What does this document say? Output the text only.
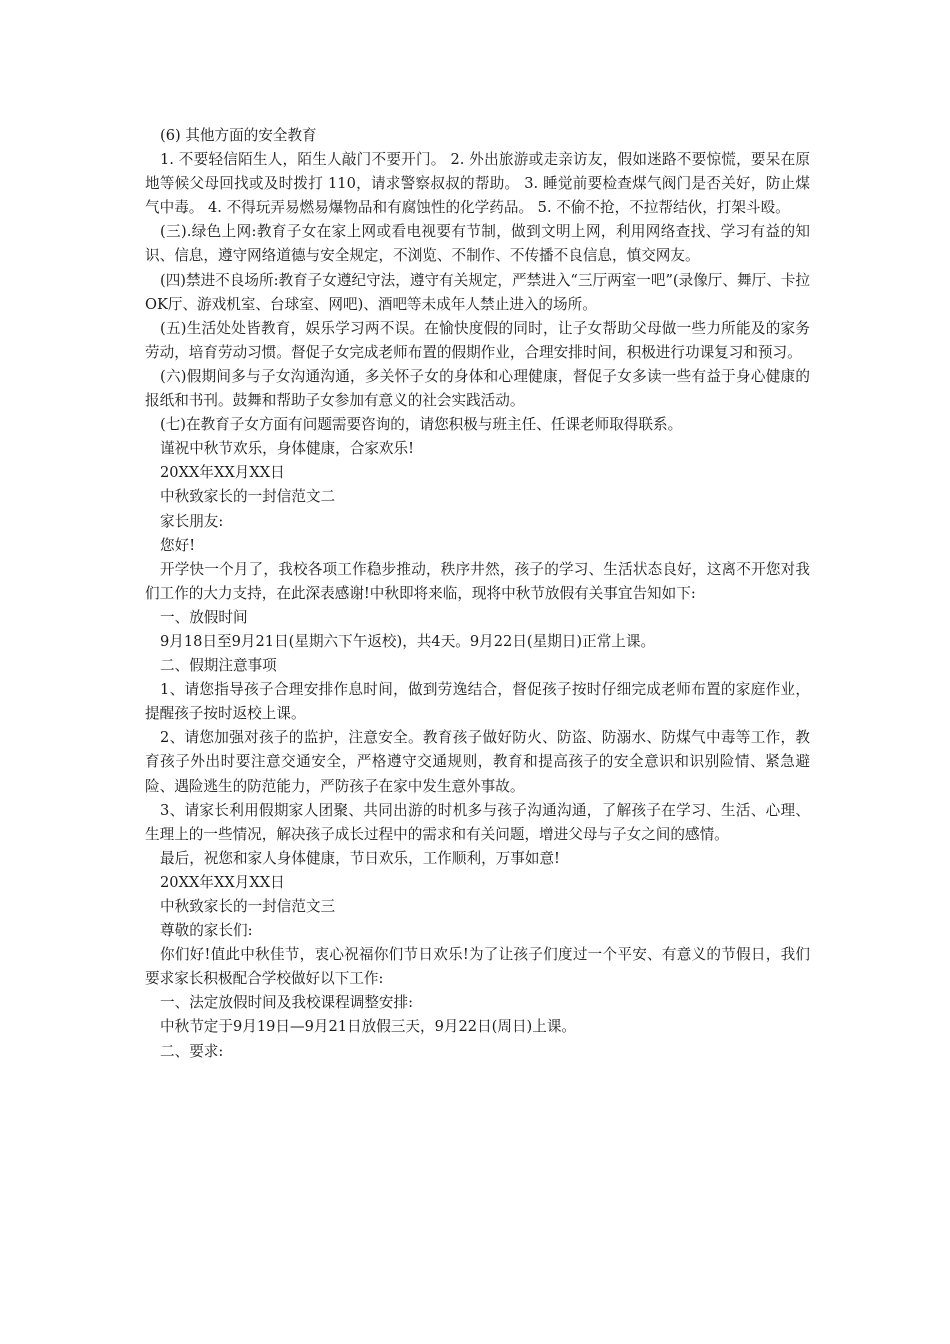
(6) 其他方面的安全教育

1. 不要轻信陌生人，陌生人敲门不要开门。 2. 外出旅游或走亲访友，假如迷路不要惊慌，要呆在原地等候父母回找或及时拨打 110，请求警察叔叔的帮助。 3. 睡觉前要检查煤气阀门是否关好，防止煤气中毒。 4. 不得玩弄易燃易爆物品和有腐蚀性的化学药品。 5. 不偷不抢，不拉帮结伙，打架斗殴。

(三).绿色上网:教育子女在家上网或看电视要有节制，做到文明上网，利用网络查找、学习有益的知识、信息，遵守网络道德与安全规定，不浏览、不制作、不传播不良信息，慎交网友。

(四)禁进不良场所:教育子女遵纪守法，遵守有关规定，严禁进入“三厅两室一吧”(录像厅、舞厅、卡拉OK厅、游戏机室、台球室、网吧)、酒吧等未成年人禁止进入的场所。

(五)生活处处皆教育，娱乐学习两不误。在愉快度假的同时，让子女帮助父母做一些力所能及的家务劳动，培育劳动习惯。督促子女完成老师布置的假期作业，合理安排时间，积极进行功课复习和预习。

(六)假期间多与子女沟通沟通，多关怀子女的身体和心理健康，督促子女多读一些有益于身心健康的报纸和书刊。鼓舞和帮助子女参加有意义的社会实践活动。

(七)在教育子女方面有问题需要咨询的，请您积极与班主任、任课老师取得联系。

谨祝中秋节欢乐，身体健康，合家欢乐!

20XX年XX月XX日

中秋致家长的一封信范文二

家长朋友:

您好!

开学快一个月了，我校各项工作稳步推动，秩序井然，孩子的学习、生活状态良好，这离不开您对我们工作的大力支持，在此深表感谢!中秋即将来临，现将中秋节放假有关事宜告知如下:

一、放假时间

9月18日至9月21日(星期六下午返校)，共4天。9月22日(星期日)正常上课。

二、假期注意事项

1、请您指导孩子合理安排作息时间，做到劳逸结合，督促孩子按时仔细完成老师布置的家庭作业，提醒孩子按时返校上课。

2、请您加强对孩子的监护，注意安全。教育孩子做好防火、防盗、防溺水、防煤气中毒等工作，教育孩子外出时要注意交通安全，严格遵守交通规则，教育和提高孩子的安全意识和识别险情、紧急避险、遇险逃生的防范能力，严防孩子在家中发生意外事故。

3、请家长利用假期家人团聚、共同出游的时机多与孩子沟通沟通，了解孩子在学习、生活、心理、生理上的一些情况，解决孩子成长过程中的需求和有关问题，增进父母与子女之间的感情。

最后，祝您和家人身体健康，节日欢乐，工作顺利，万事如意!

20XX年XX月XX日

中秋致家长的一封信范文三

尊敬的家长们:

你们好!值此中秋佳节，衷心祝福你们节日欢乐!为了让孩子们度过一个平安、有意义的节假日，我们要求家长积极配合学校做好以下工作:

一、法定放假时间及我校课程调整安排:

中秋节定于9月19日—9月21日放假三天，9月22日(周日)上课。

二、要求:
